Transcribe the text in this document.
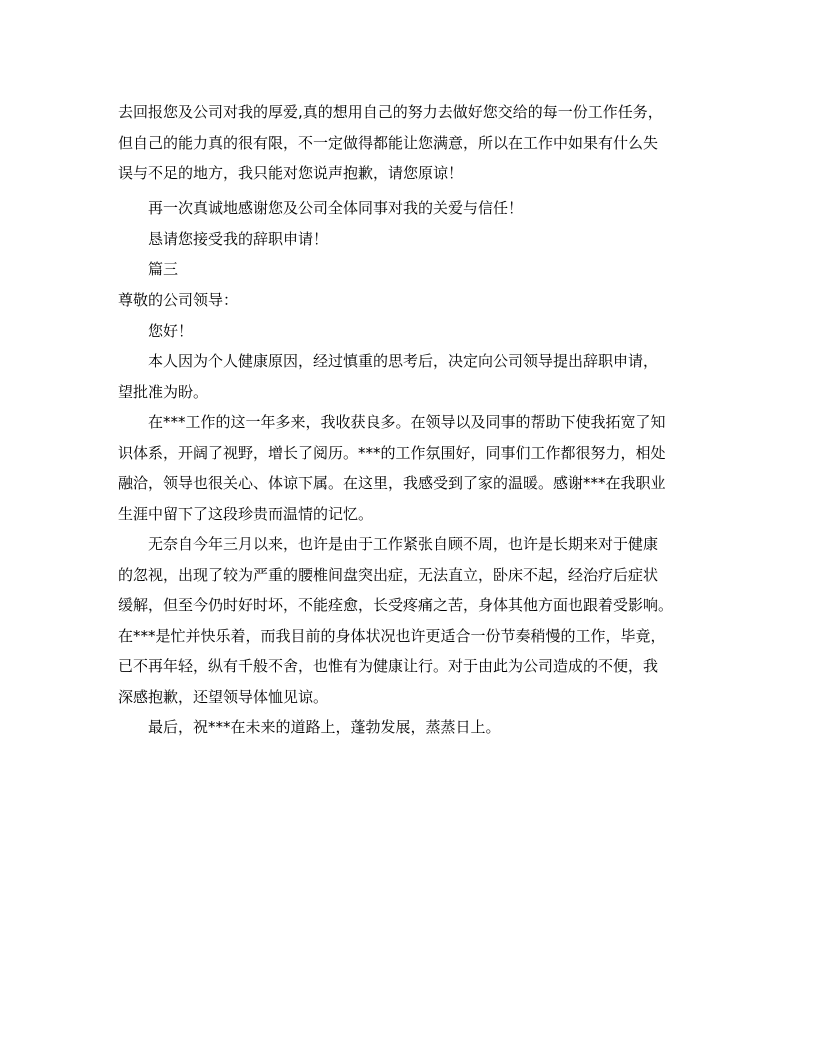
去回报您及公司对我的厚爱,真的想用自己的努力去做好您交给的每一份工作任务，
但自己的能力真的很有限，不一定做得都能让您满意，所以在工作中如果有什么失
误与不足的地方，我只能对您说声抱歉，请您原谅！
再一次真诚地感谢您及公司全体同事对我的关爱与信任！
恳请您接受我的辞职申请！
篇三
尊敬的公司领导：
您好！
本人因为个人健康原因，经过慎重的思考后，决定向公司领导提出辞职申请，
望批准为盼。
在***工作的这一年多来，我收获良多。在领导以及同事的帮助下使我拓宽了知
识体系，开阔了视野，增长了阅历。***的工作氛围好，同事们工作都很努力，相处
融洽，领导也很关心、体谅下属。在这里，我感受到了家的温暖。感谢***在我职业
生涯中留下了这段珍贵而温情的记忆。
无奈自今年三月以来，也许是由于工作紧张自顾不周，也许是长期来对于健康
的忽视，出现了较为严重的腰椎间盘突出症，无法直立，卧床不起，经治疗后症状
缓解，但至今仍时好时坏，不能痊愈，长受疼痛之苦，身体其他方面也跟着受影响。
在***是忙并快乐着，而我目前的身体状况也许更适合一份节奏稍慢的工作，毕竟，
已不再年轻，纵有千般不舍，也惟有为健康让行。对于由此为公司造成的不便，我
深感抱歉，还望领导体恤见谅。
最后，祝***在未来的道路上，蓬勃发展，蒸蒸日上。
